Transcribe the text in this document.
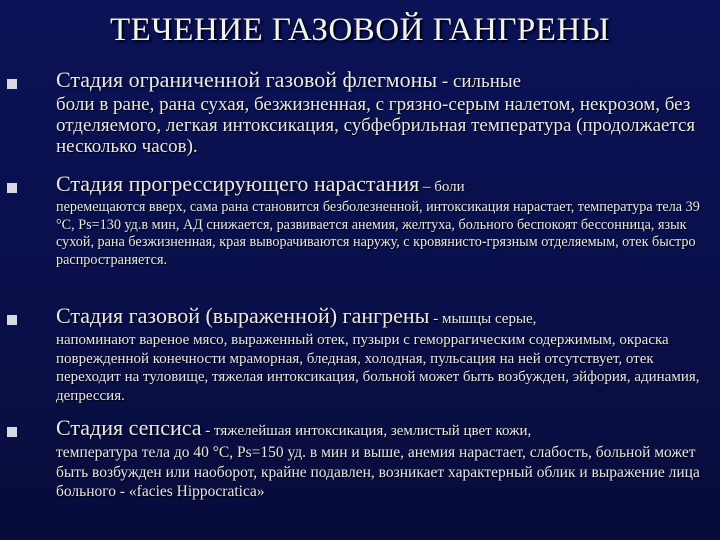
ТЕЧЕНИЕ ГАЗОВОЙ ГАНГРЕНЫ
Стадия ограниченной газовой флегмоны - сильные
боли в ране, рана сухая, безжизненная, с грязно-серым налетом, некрозом, без отделяемого, легкая интоксикация, субфебрильная температура (продолжается несколько часов).
Стадия прогрессирующего нарастания – боли
перемещаются вверх, сама рана становится безболезненной, интоксикация нарастает, температура тела 39 °С, Ps=130 уд.в мин, АД снижается, развивается анемия, желтуха, больного беспокоят бессонница, язык сухой, рана безжизненная, края выворачиваются наружу, с кровянисто-грязным отделяемым, отек быстро распространяется.
Стадия газовой (выраженной) гангрены - мышцы серые,
напоминают вареное мясо, выраженный отек, пузыри с геморрагическим содержимым, окраска поврежденной конечности мраморная, бледная, холодная, пульсация на ней отсутствует, отек переходит на туловище, тяжелая интоксикация, больной может быть возбужден, эйфория, адинамия, депрессия.
Стадия сепсиса - тяжелейшая интоксикация, землистый цвет кожи,
температура тела до 40 °С, Ps=150 уд. в мин и выше, анемия нарастает, слабость, больной может быть возбужден или наоборот, крайне подавлен, возникает характерный облик и выражение лица больного - «facies Hippocratica»
